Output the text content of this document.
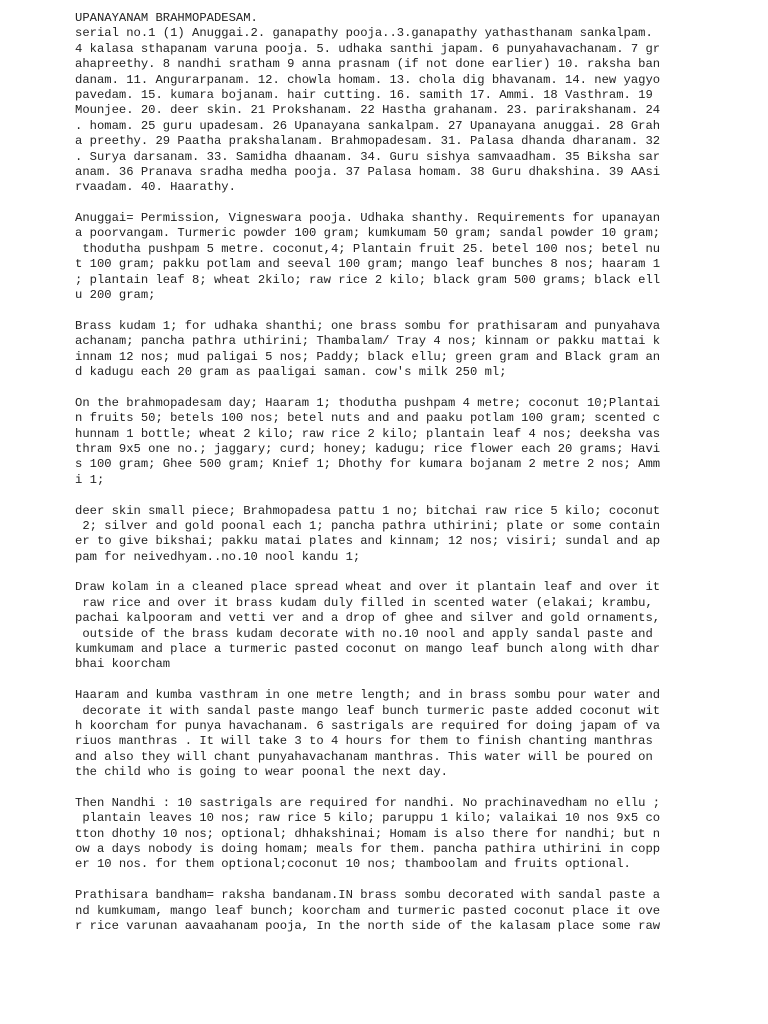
UPANAYANAM BRAHMOPADESAM.
serial no.1 (1) Anuggai.2. ganapathy pooja..3.ganapathy yathasthanam sankalpam.
4 kalasa sthapanam varuna pooja. 5. udhaka santhi japam. 6 punyahavachanam. 7 gr
ahapreethy. 8 nandhi sratham 9 anna prasnam (if not done earlier) 10. raksha ban
danam. 11. Angurarpanam. 12. chowla homam. 13. chola dig bhavanam. 14. new yagyo
pavedam. 15. kumara bojanam. hair cutting. 16. samith 17. Ammi. 18 Vasthram. 19
Mounjee. 20. deer skin. 21 Prokshanam. 22 Hastha grahanam. 23. parirakshanam. 24
. homam. 25 guru upadesam. 26 Upanayana sankalpam. 27 Upanayana anuggai. 28 Grah
a preethy. 29 Paatha prakshalanam. Brahmopadesam. 31. Palasa dhanda dharanam. 32
. Surya darsanam. 33. Samidha dhaanam. 34. Guru sishya samvaadham. 35 Biksha sar
anam. 36 Pranava sradha medha pooja. 37 Palasa homam. 38 Guru dhakshina. 39 AAsi
rvaadam. 40. Haarathy.
Anuggai= Permission, Vigneswara pooja. Udhaka shanthy. Requirements for upanayan
a poorvangam. Turmeric powder 100 gram; kumkumam 50 gram; sandal powder 10 gram;
thodutha pushpam 5 metre. coconut,4; Plantain fruit 25. betel 100 nos; betel nu
t 100 gram; pakku potlam and seeval 100 gram; mango leaf bunches 8 nos; haaram 1
; plantain leaf 8; wheat 2kilo; raw rice 2 kilo; black gram 500 grams; black ell
u 200 gram;
Brass kudam 1; for udhaka shanthi; one brass sombu for prathisaram and punyahava
achanam; pancha pathra uthirini; Thambalam/ Tray 4 nos; kinnam or pakku mattai k
innam 12 nos; mud paligai 5 nos; Paddy; black ellu; green gram and Black gram an
d kadugu each 20 gram as paaligai saman. cow's milk 250 ml;
On the brahmopadesam day; Haaram 1; thodutha pushpam 4 metre; coconut 10;Plantai
n fruits 50; betels 100 nos; betel nuts and and paaku potlam 100 gram; scented c
hunnam 1 bottle; wheat 2 kilo; raw rice 2 kilo; plantain leaf 4 nos; deeksha vas
thram 9x5 one no.; jaggary; curd; honey; kadugu; rice flower each 20 grams; Havi
s 100 gram; Ghee 500 gram; Knief 1; Dhothy for kumara bojanam 2 metre 2 nos; Amm
i 1;
deer skin small piece; Brahmopadesa pattu 1 no; bitchai raw rice 5 kilo; coconut
2; silver and gold poonal each 1; pancha pathra uthirini; plate or some contain
er to give bikshai; pakku matai plates and kinnam; 12 nos; visiri; sundal and ap
pam for neivedhyam..no.10 nool kandu 1;
Draw kolam in a cleaned place spread wheat and over it plantain leaf and over it
raw rice and over it brass kudam duly filled in scented water (elakai; krambu,
pachai kalpooram and vetti ver and a drop of ghee and silver and gold ornaments,
outside of the brass kudam decorate with no.10 nool and apply sandal paste and
kumkumam and place a turmeric pasted coconut on mango leaf bunch along with dhar
bhai koorcham
Haaram and kumba vasthram in one metre length; and in brass sombu pour water and
decorate it with sandal paste mango leaf bunch turmeric paste added coconut wit
h koorcham for punya havachanam. 6 sastrigals are required for doing japam of va
riuos manthras . It will take 3 to 4 hours for them to finish chanting manthras
and also they will chant punyahavachanam manthras. This water will be poured on
the child who is going to wear poonal the next day.
Then Nandhi : 10 sastrigals are required for nandhi. No prachinavedham no ellu ;
plantain leaves 10 nos; raw rice 5 kilo; paruppu 1 kilo; valaikai 10 nos 9x5 co
tton dhothy 10 nos; optional; dhhakshinai; Homam is also there for nandhi; but n
ow a days nobody is doing homam; meals for them. pancha pathira uthirini in copp
er 10 nos. for them optional;coconut 10 nos; thamboolam and fruits optional.
Prathisara bandham= raksha bandanam.IN brass sombu decorated with sandal paste a
nd kumkumam, mango leaf bunch; koorcham and turmeric pasted coconut place it ove
r rice varunan aavaahanam pooja, In the north side of the kalasam place some raw
